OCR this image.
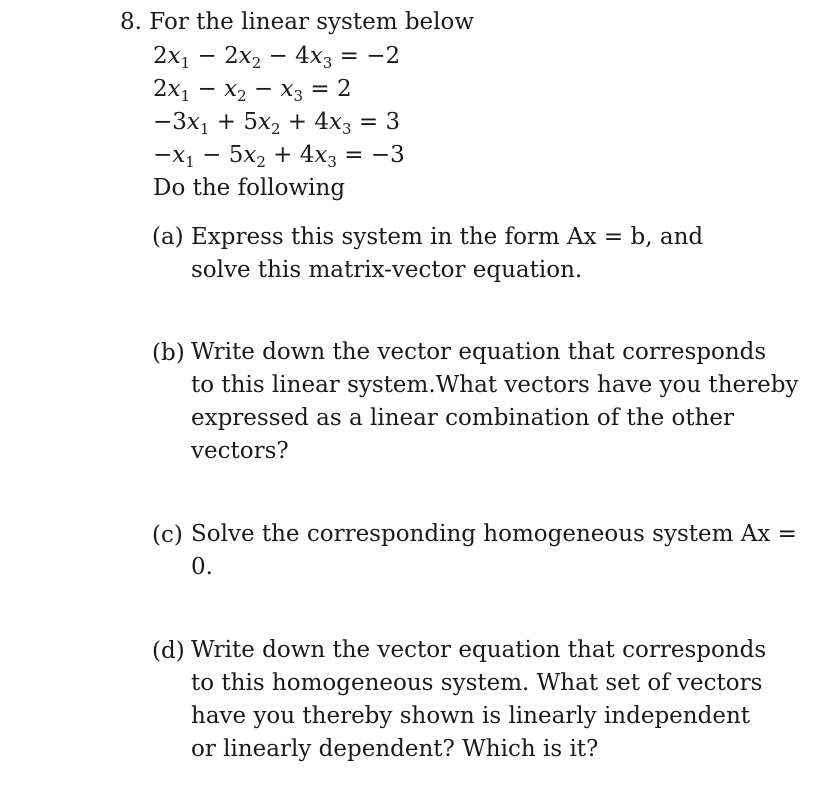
8. For the linear system below
$2x_1 - 2x_2 - 4x_3 = -2$
$2x_1 - x_2 - x_3 = 2$
$-3x_1 + 5x_2 + 4x_3 = 3$
$-x_1 - 5x_2 + 4x_3 = -3$
Do the following
(a) Express this system in the form Ax = b, and
solve this matrix-vector equation.
(b) Write down the vector equation that corresponds
to this linear system.What vectors have you thereby
expressed as a linear combination of the other
vectors?
(c) Solve the corresponding homogeneous system Ax =
0.
(d) Write down the vector equation that corresponds
to this homogeneous system. What set of vectors
have you thereby shown is linearly independent
or linearly dependent? Which is it?
